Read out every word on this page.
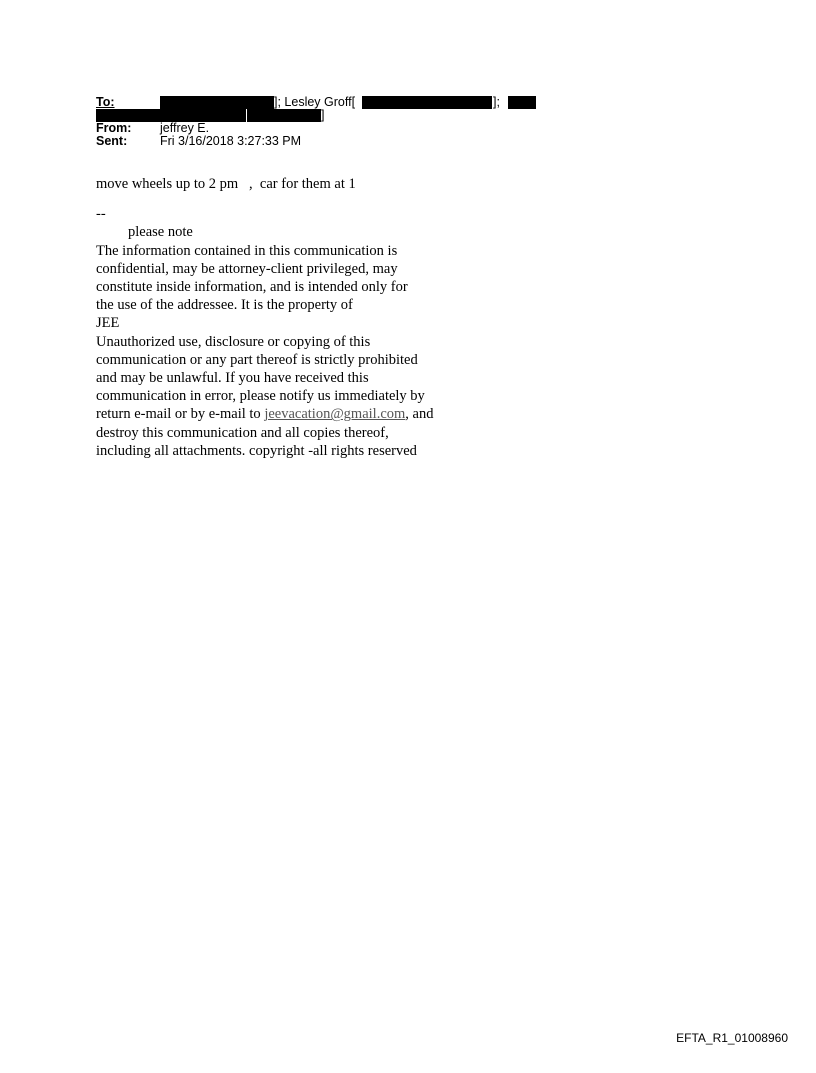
To:	]; Lesley Groff[	];
]
From: jeffrey E.
Sent:	Fri 3/16/2018 3:27:33 PM
move wheels up to 2 pm   ,  car for them at 1
--
please note
The information contained in this communication is
confidential, may be attorney-client privileged, may
constitute inside information, and is intended only for
the use of the addressee. It is the property of
JEE
Unauthorized use, disclosure or copying of this
communication or any part thereof is strictly prohibited
and may be unlawful. If you have received this
communication in error, please notify us immediately by
return e-mail or by e-mail to jeevacation@gmail.com, and
destroy this communication and all copies thereof,
including all attachments. copyright -all rights reserved
EFTA_R1_01008960
